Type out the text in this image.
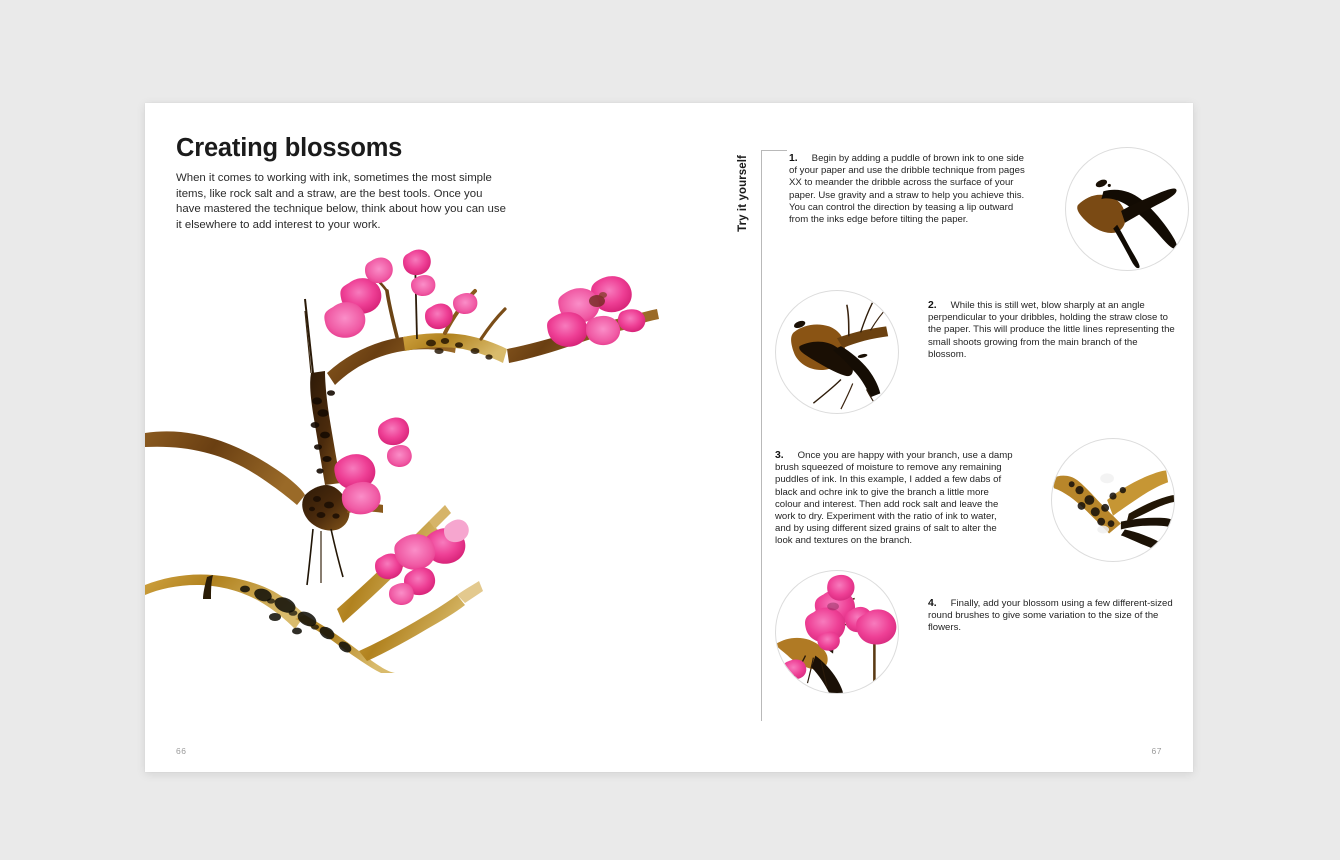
Creating blossoms
When it comes to working with ink, sometimes the most simple items, like rock salt and a straw, are the best tools. Once you have mastered the technique below, think about how you can use it elsewhere to add interest to your work.
66
Try it yourself	1. Begin by adding a puddle of brown ink to one side of your paper and use the dribble technique from pages XX to meander the dribble across the surface of your paper. Use gravity and a straw to help you achieve this. You can control the direction by teasing a lip outward from the inks edge before tilting the paper.
2. While this is still wet, blow sharply at an angle perpendicular to your dribbles, holding the straw close to the paper. This will produce the little lines representing the small shoots growing from the main branch of the blossom.
3. Once you are happy with your branch, use a damp brush squeezed of moisture to remove any remaining puddles of ink. In this example, I added a few dabs of black and ochre ink to give the branch a little more colour and interest. Then add rock salt and leave the work to dry. Experiment with the ratio of ink to water, and by using different sized grains of salt to alter the look and textures on the branch.
4. Finally, add your blossom using a few different-sized round brushes to give some variation to the size of the flowers.
67
